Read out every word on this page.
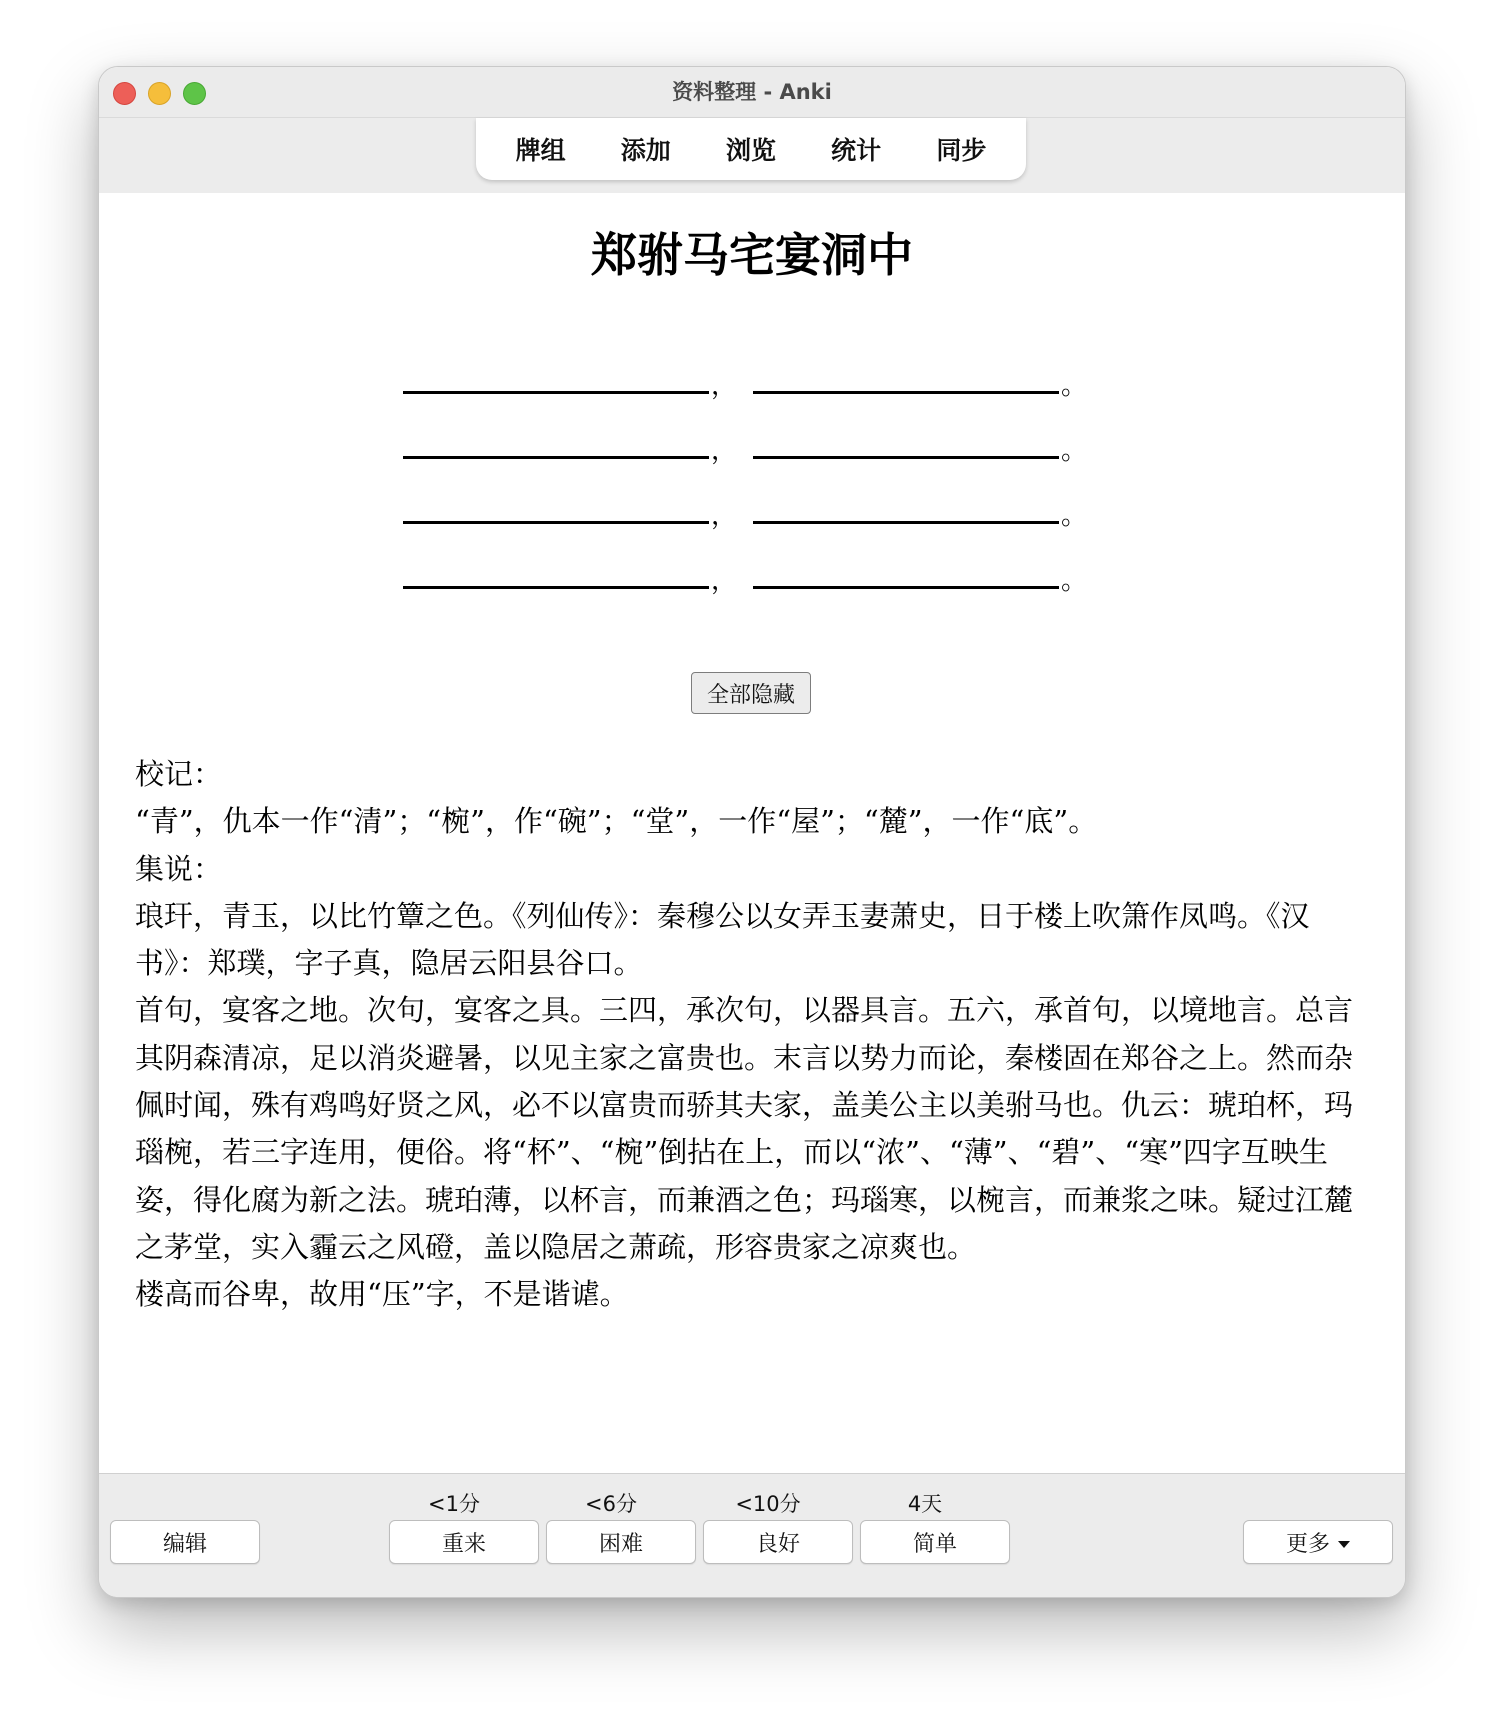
资料整理 - Anki
牌组	添加	浏览	统计	同步
郑驸马宅宴洞中
，	。
，	。
，	。
，	。
全部隐藏

校记：

“青”，仇本一作“清”；“椀”，作“碗”；“堂”，一作“屋”；“麓”，一作“底”。

集说：

琅玕，青玉，以比竹簟之色。《列仙传》：秦穆公以女弄玉妻萧史，日于楼上吹箫作凤鸣。《汉书》：郑璞，字子真，隐居云阳县谷口。

首句，宴客之地。次句，宴客之具。三四，承次句，以器具言。五六，承首句，以境地言。总言其阴森清凉，足以消炎避暑，以见主家之富贵也。末言以势力而论，秦楼固在郑谷之上。然而杂佩时闻，殊有鸡鸣好贤之风，必不以富贵而骄其夫家，盖美公主以美驸马也。仇云：琥珀杯，玛瑙椀，若三字连用，便俗。将“杯”、“椀”倒拈在上，而以“浓”、“薄”、“碧”、“寒”四字互映生姿，得化腐为新之法。琥珀薄，以杯言，而兼酒之色；玛瑙寒，以椀言，而兼浆之味。疑过江麓之茅堂，实入霾云之风磴，盖以隐居之萧疏，形容贵家之凉爽也。

楼高而谷卑，故用“压”字，不是谐谑。

<1分	<6分	<10分	4天
编辑	重来	困难	良好	简单	更多
